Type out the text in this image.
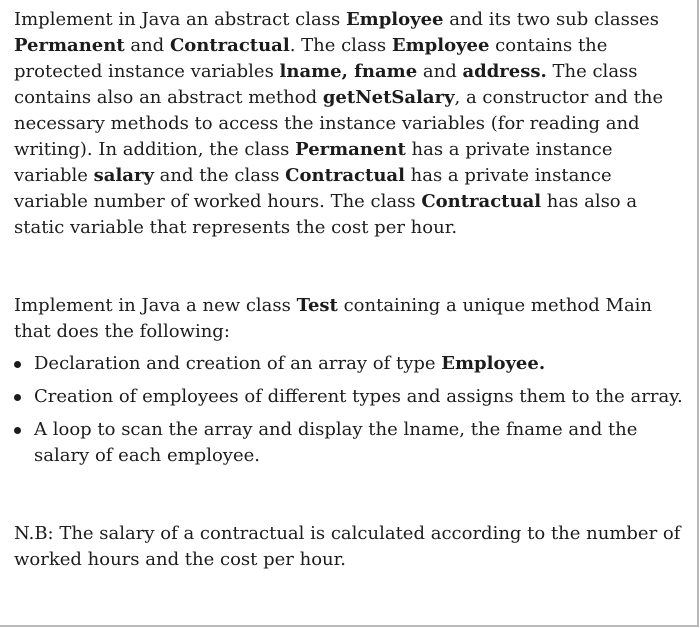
Implement in Java an abstract class Employee and its two sub classes Permanent and Contractual. The class Employee contains the protected instance variables lname, fname and address. The class contains also an abstract method getNetSalary, a constructor and the necessary methods to access the instance variables (for reading and writing). In addition, the class Permanent has a private instance variable salary and the class Contractual has a private instance variable number of worked hours. The class Contractual has also a static variable that represents the cost per hour.

Implement in Java a new class Test containing a unique method Main that does the following:

Declaration and creation of an array of type Employee.
Creation of employees of different types and assigns them to the array.
A loop to scan the array and display the lname, the fname and the salary of each employee.

N.B: The salary of a contractual is calculated according to the number of worked hours and the cost per hour.
